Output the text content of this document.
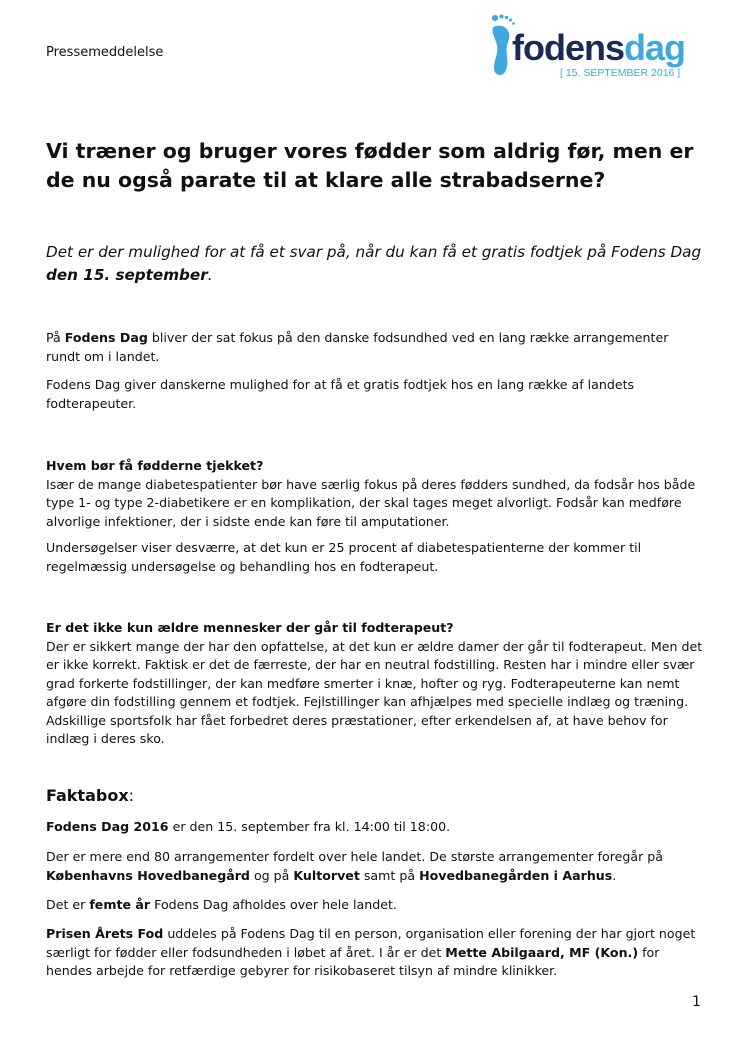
Pressemeddelelse	fodensdag
[ 15. SEPTEMBER 2016 ]
Vi træner og bruger vores fødder som aldrig før, men er de nu også parate til at klare alle strabadserne?

Det er der mulighed for at få et svar på, når du kan få et gratis fodtjek på Fodens Dag den 15. september.

På Fodens Dag bliver der sat fokus på den danske fodsundhed ved en lang række arrangementer rundt om i landet.

Fodens Dag giver danskerne mulighed for at få et gratis fodtjek hos en lang række af landets fodterapeuter.

Hvem bør få fødderne tjekket?
Især de mange diabetespatienter bør have særlig fokus på deres fødders sundhed, da fodsår hos både type 1- og type 2-diabetikere er en komplikation, der skal tages meget alvorligt. Fodsår kan medføre alvorlige infektioner, der i sidste ende kan føre til amputationer.

Undersøgelser viser desværre, at det kun er 25 procent af diabetespatienterne der kommer til regelmæssig undersøgelse og behandling hos en fodterapeut.

Er det ikke kun ældre mennesker der går til fodterapeut?
Der er sikkert mange der har den opfattelse, at det kun er ældre damer der går til fodterapeut. Men det er ikke korrekt. Faktisk er det de færreste, der har en neutral fodstilling. Resten har i mindre eller svær grad forkerte fodstillinger, der kan medføre smerter i knæ, hofter og ryg. Fodterapeuterne kan nemt afgøre din fodstilling gennem et fodtjek. Fejlstillinger kan afhjælpes med specielle indlæg og træning. Adskillige sportsfolk har fået forbedret deres præstationer, efter erkendelsen af, at have behov for indlæg i deres sko.

Faktabox:

Fodens Dag 2016 er den 15. september fra kl. 14:00 til 18:00.

Der er mere end 80 arrangementer fordelt over hele landet. De største arrangementer foregår på Københavns Hovedbanegård og på Kultorvet samt på Hovedbanegården i Aarhus.

Det er femte år Fodens Dag afholdes over hele landet.

Prisen Årets Fod uddeles på Fodens Dag til en person, organisation eller forening der har gjort noget særligt for fødder eller fodsundheden i løbet af året. I år er det Mette Abilgaard, MF (Kon.) for hendes arbejde for retfærdige gebyrer for risikobaseret tilsyn af mindre klinikker.

1
